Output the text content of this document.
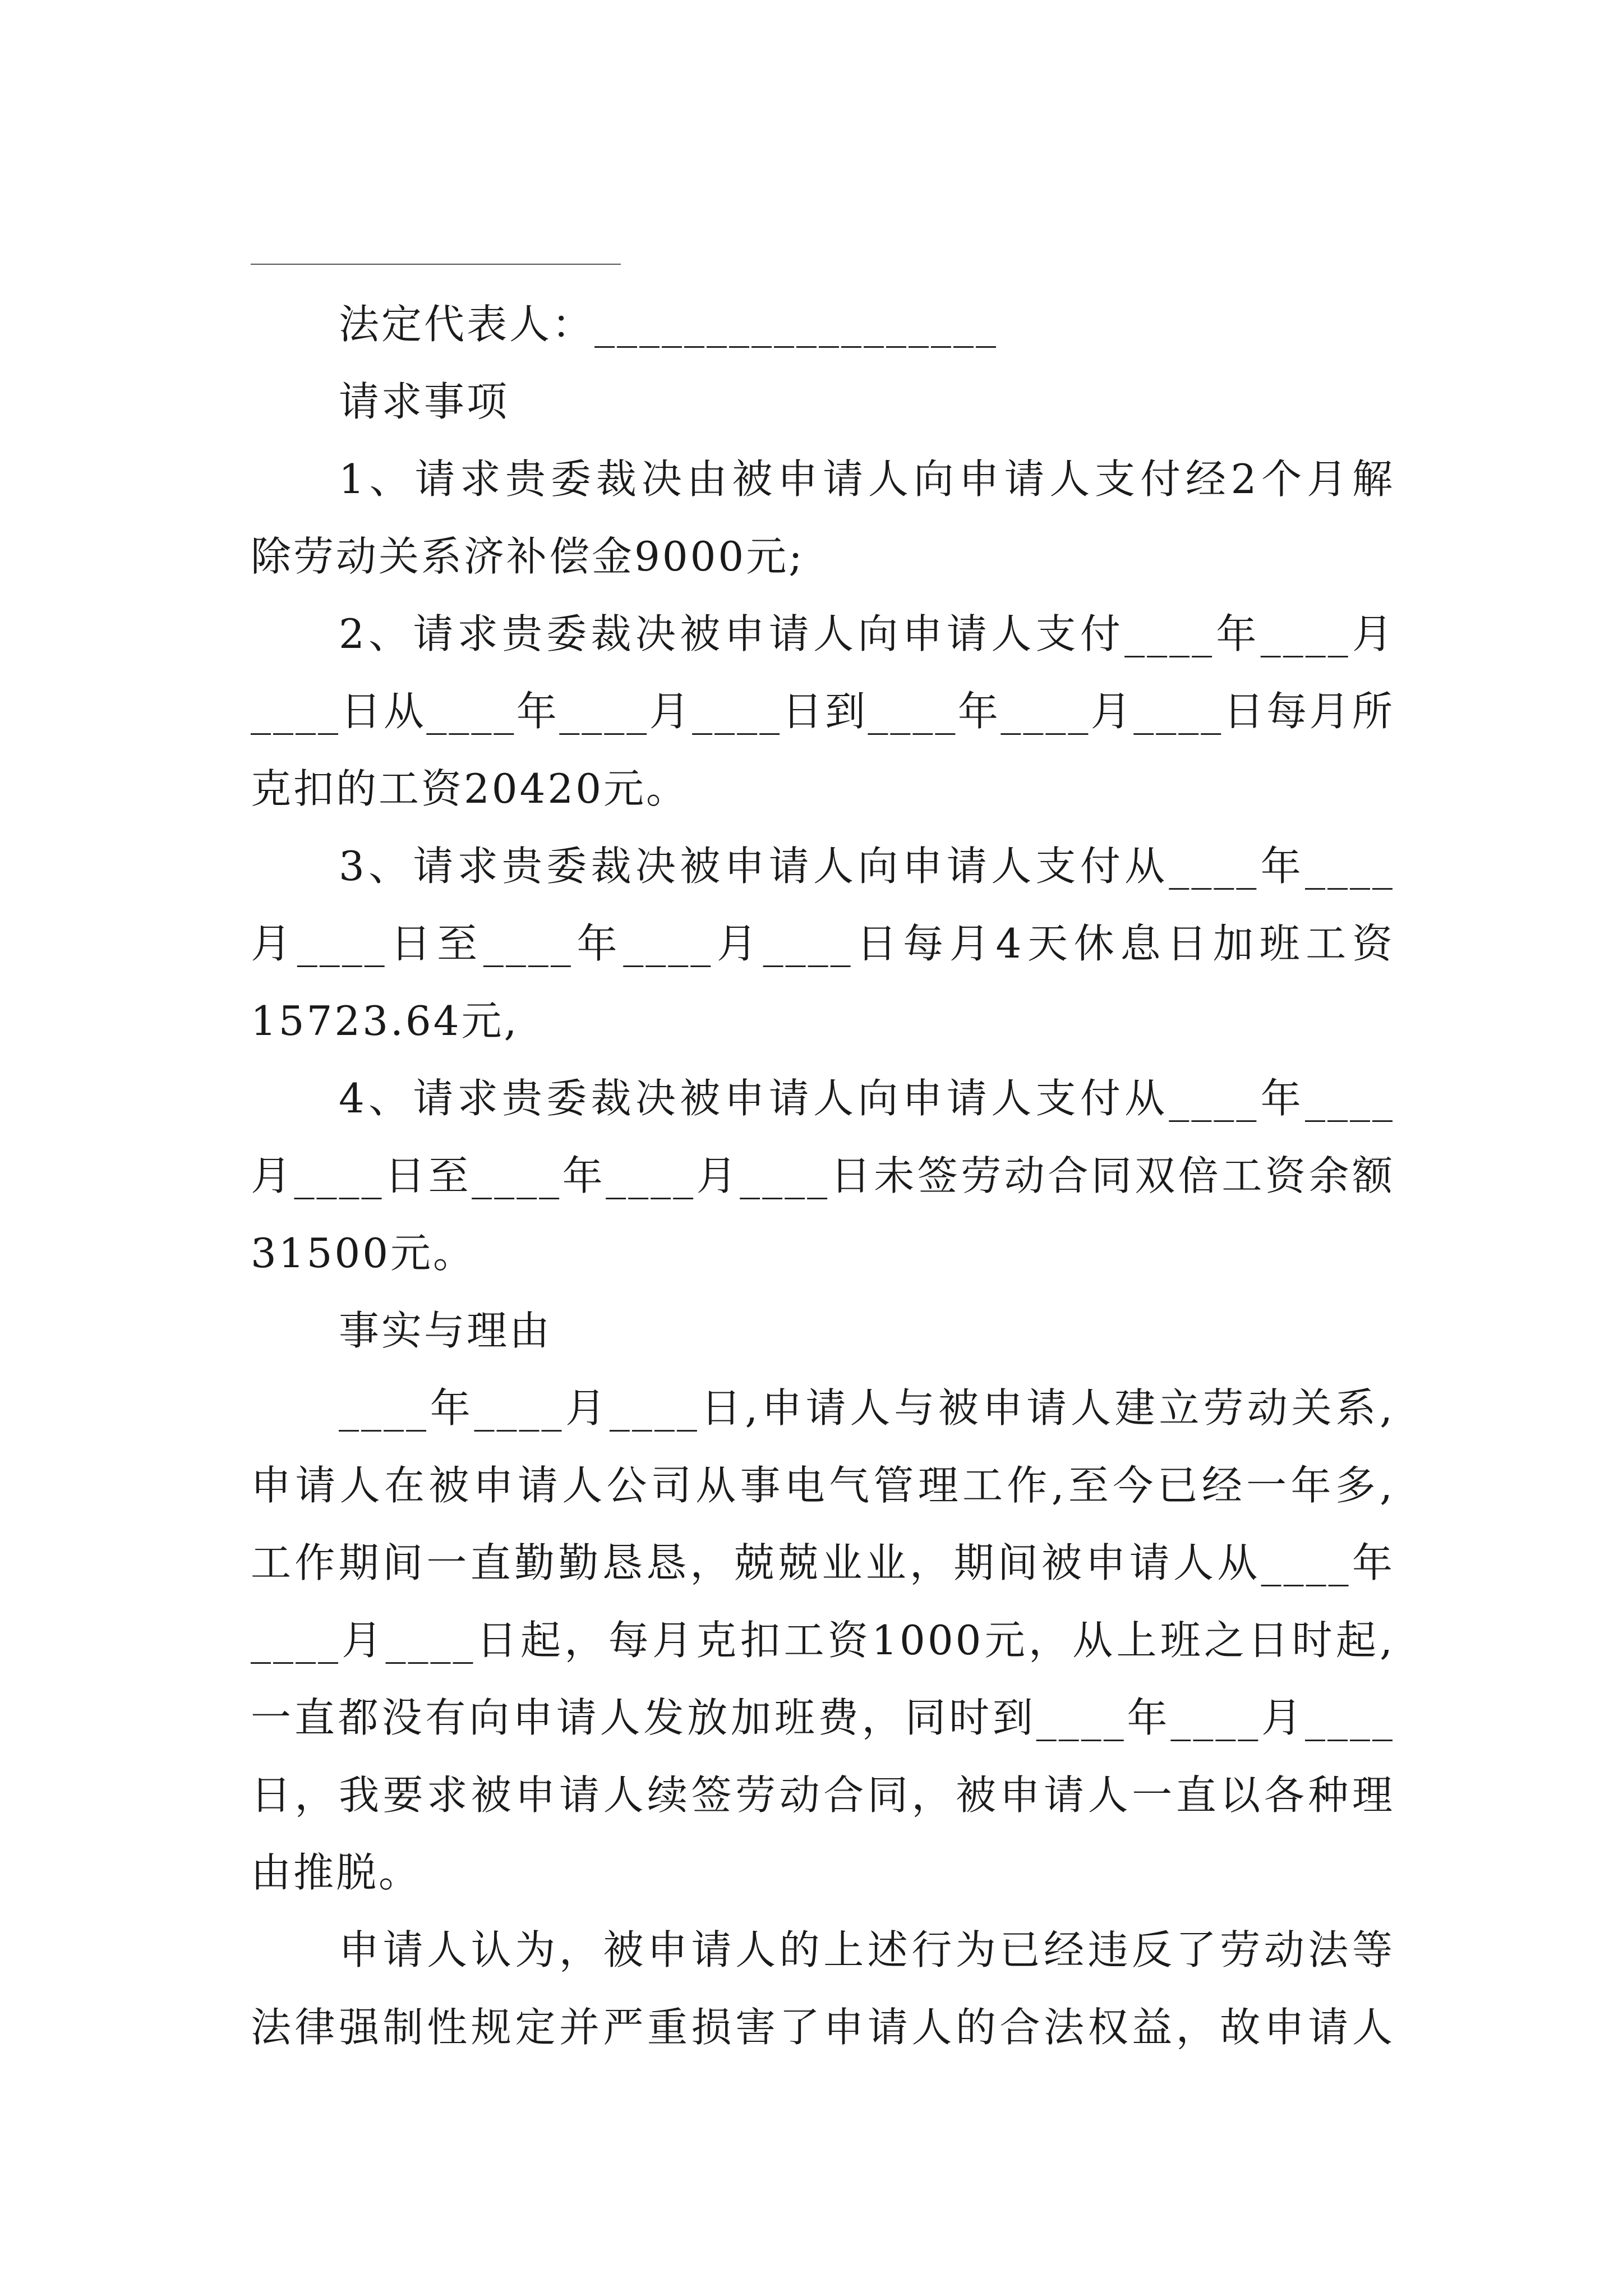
法定代表人：__________________
请求事项
1、请求贵委裁决由被申请人向申请人支付经2个月解
除劳动关系济补偿金9000元;
2、请求贵委裁决被申请人向申请人支付____年____月
____日从____年____月____日到____年____月____日每月所
克扣的工资20420元。
3、请求贵委裁决被申请人向申请人支付从____年____
月____日至____年____月____日每月4天休息日加班工资
15723.64元,
4、请求贵委裁决被申请人向申请人支付从____年____
月____日至____年____月____日未签劳动合同双倍工资余额
31500元。
事实与理由
____年____月____日,申请人与被申请人建立劳动关系,
申请人在被申请人公司从事电气管理工作,至今已经一年多,
工作期间一直勤勤恳恳，兢兢业业，期间被申请人从____年
____月____日起，每月克扣工资1000元，从上班之日时起,
一直都没有向申请人发放加班费，同时到____年____月____
日，我要求被申请人续签劳动合同，被申请人一直以各种理
由推脱。
申请人认为，被申请人的上述行为已经违反了劳动法等
法律强制性规定并严重损害了申请人的合法权益，故申请人
